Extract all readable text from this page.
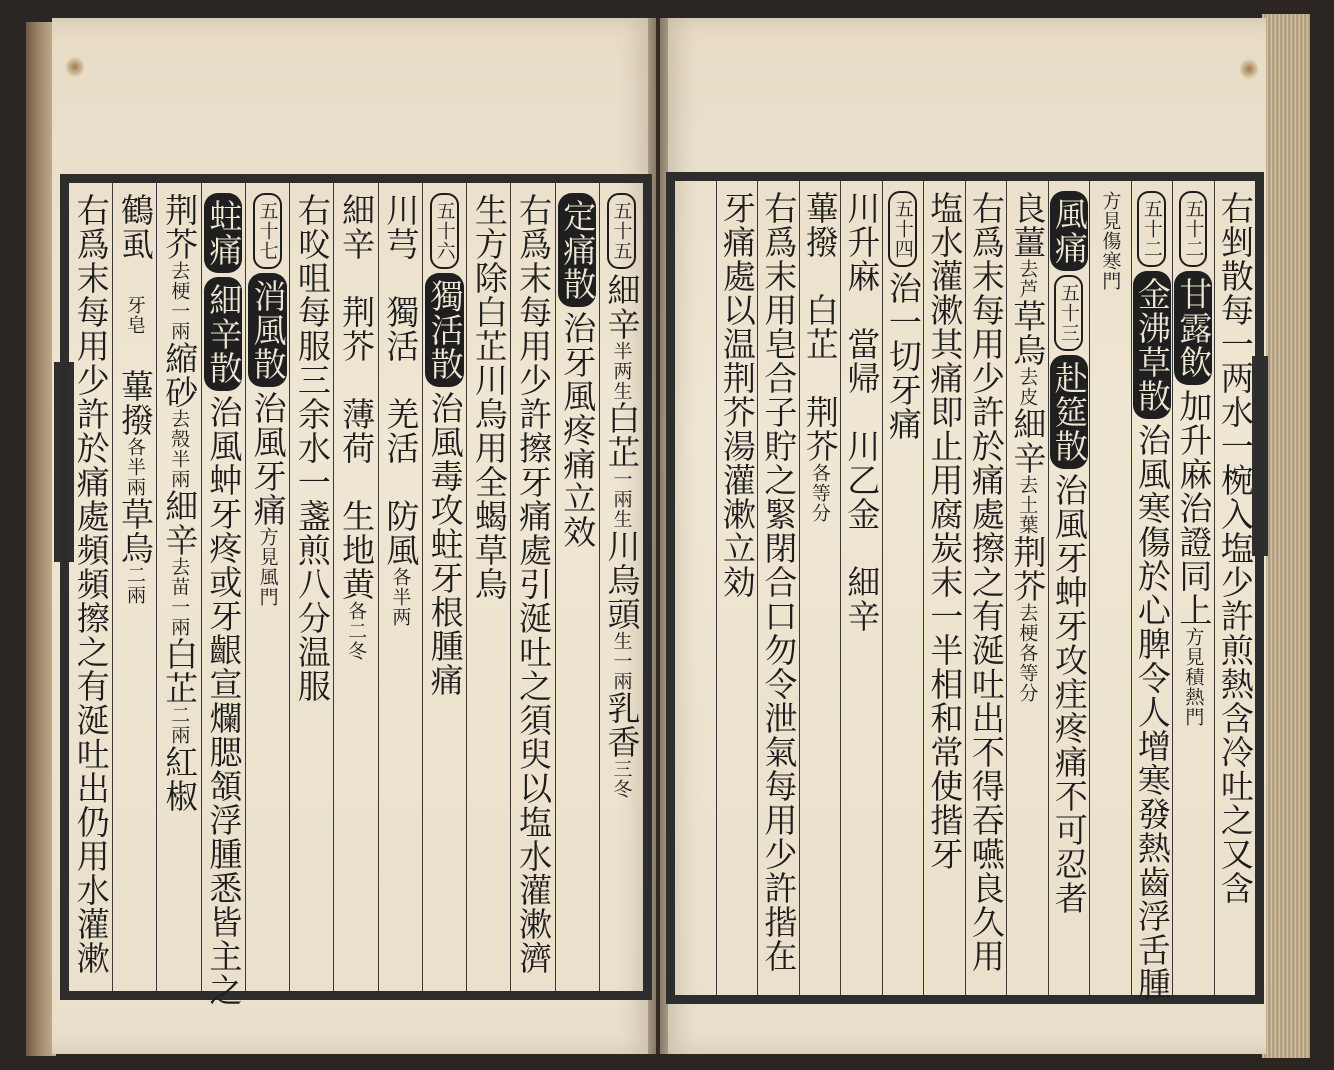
五十五細辛半两生白芷一兩生川烏頭生一兩乳香三冬
定痛散治牙風疼痛立效
右爲末每用少許擦牙痛處引涎吐之須臾以塩水灌漱濟
生方除白芷川烏用全蝎草烏
五十六獨活散治風毒攻蛀牙根腫痛
川芎　獨活　羌活　防風各半两
細辛　荆芥　薄荷　生地黄各二冬
右㕮咀每服三余水一盞煎八分温服
五十七消風散治風牙痛方見風門
蛀痛細辛散治風蚛牙疼或牙齦宣爛腮頷浮腫悉皆主之
荆芥去梗一兩縮砂去殼半兩細辛去苗一兩白芷二兩紅椒
鶴虱　牙皂　蓽撥各半兩草烏二兩
右爲末每用少許於痛處頻頻擦之有涎吐出仍用水灌漱	右剉散每一两水一椀入塩少許煎熱含冷吐之又含
五十二甘露飲加升麻治證同上方見積熱門
五十二金沸草散治風寒傷於心脾令人增寒發熱齒浮舌腫
方見傷寒門
風痛五十三赴筵散治風牙蚛牙攻疰疼痛不可忍者
良薑去芦草烏去皮細辛去土葉荆芥去梗各等分
右爲末每用少許於痛處擦之有涎吐出不得吞嚥良久用
塩水灌漱其痛即止用腐炭末一半相和常使揩牙
五十四治一切牙痛
川升麻　當帰　川乙金　細辛
蓽撥　白芷　荆芥各等分
右爲末用皂合子貯之緊閉合口勿令泄氣每用少許揩在
牙痛處以温荆芥湯灌漱立効
